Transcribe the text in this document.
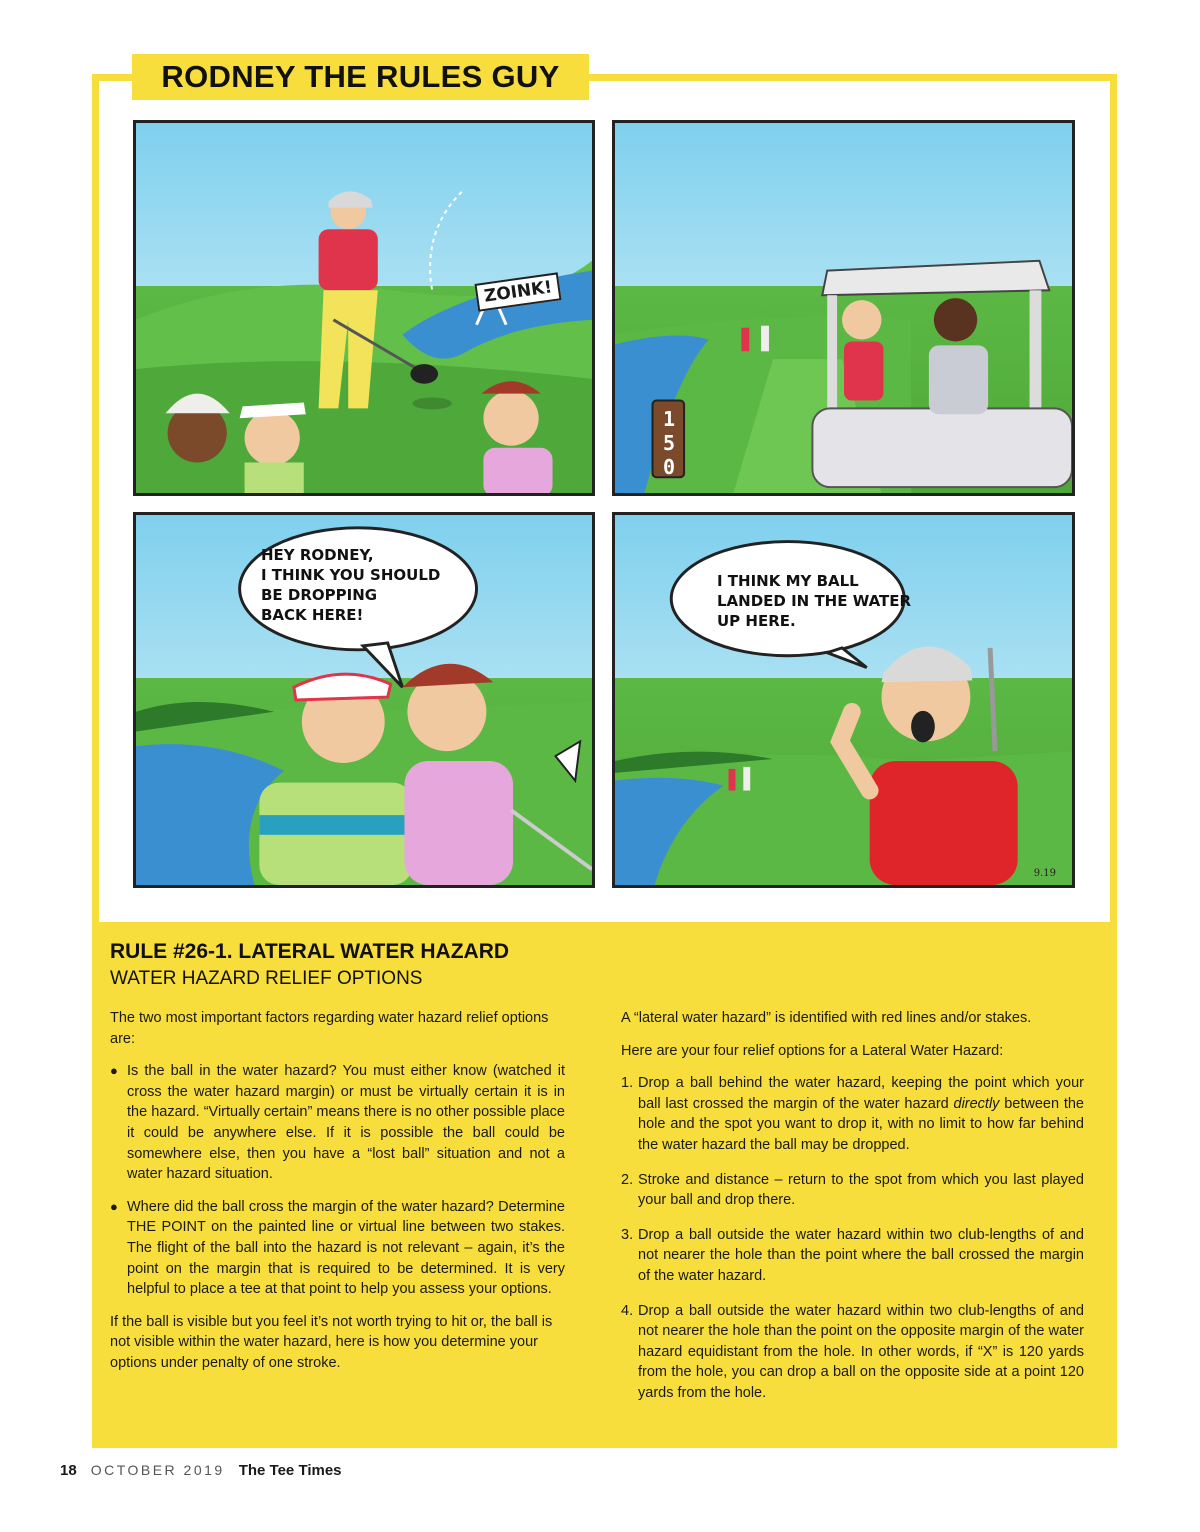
RODNEY THE RULES GUY
ZOINK!
1
5
0
HEY RODNEY,
I THINK YOU SHOULD
BE DROPPING
BACK HERE!
I THINK MY BALL
LANDED IN THE WATER
UP HERE.
9.19
RULE #26-1. LATERAL WATER HAZARD
WATER HAZARD RELIEF OPTIONS

The two most important factors regarding water hazard relief options are:

● Is the ball in the water hazard? You must either know (watched it cross the water hazard margin) or must be virtually certain it is in the hazard. “Virtually certain” means there is no other possible place it could be anywhere else. If it is possible the ball could be somewhere else, then you have a “lost ball” situation and not a water hazard situation.
● Where did the ball cross the margin of the water hazard? Determine THE POINT on the painted line or virtual line between two stakes. The flight of the ball into the hazard is not relevant – again, it’s the point on the margin that is required to be determined. It is very helpful to place a tee at that point to help you assess your options.

If the ball is visible but you feel it’s not worth trying to hit or, the ball is not visible within the water hazard, here is how you determine your options under penalty of one stroke.

A “lateral water hazard” is identified with red lines and/or stakes.

Here are your four relief options for a Lateral Water Hazard:

1. Drop a ball behind the water hazard, keeping the point which your ball last crossed the margin of the water hazard directly between the hole and the spot you want to drop it, with no limit to how far behind the water hazard the ball may be dropped.
2. Stroke and distance – return to the spot from which you last played your ball and drop there.
3. Drop a ball outside the water hazard within two club-lengths of and not nearer the hole than the point where the ball crossed the margin of the water hazard.
4. Drop a ball outside the water hazard within two club-lengths of and not nearer the hole than the point on the opposite margin of the water hazard equidistant from the hole. In other words, if “X” is 120 yards from the hole, you can drop a ball on the opposite side at a point 120 yards from the hole.
18 OCTOBER 2019 The Tee Times
